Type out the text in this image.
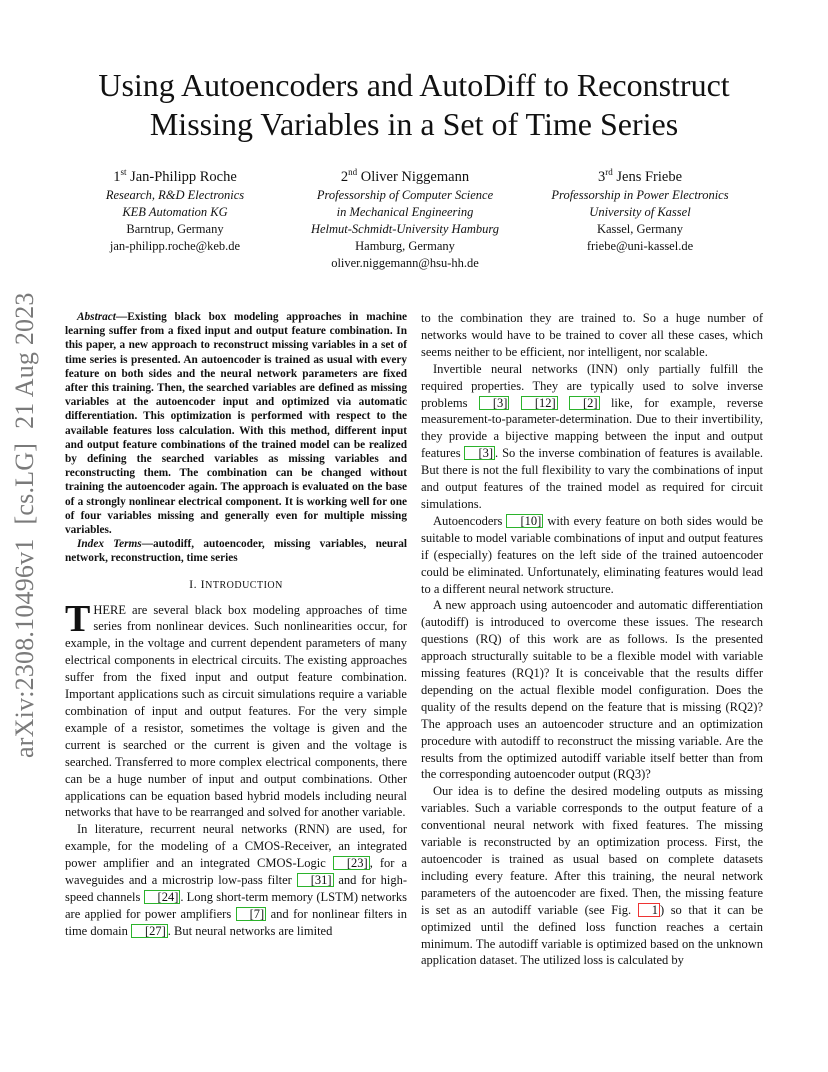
arXiv:2308.10496v1[cs.LG]21 Aug 2023
Using Autoencoders and AutoDiff to Reconstruct
Missing Variables in a Set of Time Series
1st Jan-Philipp Roche
Research, R&D Electronics
KEB Automation KG
Barntrup, Germany
jan-philipp.roche@keb.de
2nd Oliver Niggemann
Professorship of Computer Science
in Mechanical Engineering
Helmut-Schmidt-University Hamburg
Hamburg, Germany
oliver.niggemann@hsu-hh.de
3rd Jens Friebe
Professorship in Power Electronics
University of Kassel
Kassel, Germany
friebe@uni-kassel.de

Abstract—Existing black box modeling approaches in machine learning suffer from a fixed input and output feature combination. In this paper, a new approach to reconstruct missing variables in a set of time series is presented. An autoencoder is trained as usual with every feature on both sides and the neural network parameters are fixed after this training. Then, the searched variables are defined as missing variables at the autoencoder input and optimized via automatic differentiation. This optimization is performed with respect to the available features loss calculation. With this method, different input and output feature combinations of the trained model can be realized by defining the searched variables as missing variables and reconstructing them. The combination can be changed without training the autoencoder again. The approach is evaluated on the base of a strongly nonlinear electrical component. It is working well for one of four variables missing and generally even for multiple missing variables.

Index Terms—autodiff, autoencoder, missing variables, neural network, reconstruction, time series

I. INTRODUCTION

THERE are several black box modeling approaches of time series from nonlinear devices. Such nonlinearities occur, for example, in the voltage and current dependent parameters of many electrical components in electrical circuits. The existing approaches suffer from the fixed input and output feature combination. Important applications such as circuit simulations require a variable combination of input and output features. For the very simple example of a resistor, sometimes the voltage is given and the current is searched or the current is given and the voltage is searched. Transferred to more complex electrical components, there can be a huge number of input and output combinations. Other applications can be equation based hybrid models including neural networks that have to be rearranged and solved for another variable.

In literature, recurrent neural networks (RNN) are used, for example, for the modeling of a CMOS-Receiver, an integrated power amplifier and an integrated CMOS-Logic [23] , for a waveguides and a microstrip low-pass filter [31] and for high-speed channels [24] . Long short-term memory (LSTM) networks are applied for power amplifiers [7] and for nonlinear filters in time domain [27] . But neural networks are limited

to the combination they are trained to. So a huge number of networks would have to be trained to cover all these cases, which seems neither to be efficient, nor intelligent, nor scalable.

Invertible neural networks (INN) only partially fulfill the required properties. They are typically used to solve inverse problems [3] [12] [2] like, for example, reverse measurement-to-parameter-determination. Due to their invertibility, they provide a bijective mapping between the input and output features [3] . So the inverse combination of features is available. But there is not the full flexibility to vary the combinations of input and output features of the trained model as required for circuit simulations.

Autoencoders [10] with every feature on both sides would be suitable to model variable combinations of input and output features if (especially) features on the left side of the trained autoencoder could be eliminated. Unfortunately, eliminating features would lead to a different neural network structure.

A new approach using autoencoder and automatic differentiation (autodiff) is introduced to overcome these issues. The research questions (RQ) of this work are as follows. Is the presented approach structurally suitable to be a flexible model with variable missing features (RQ1)? It is conceivable that the results differ depending on the actual flexible model configuration. Does the quality of the results depend on the feature that is missing (RQ2)? The approach uses an autoencoder structure and an optimization procedure with autodiff to reconstruct the missing variable. Are the results from the optimized autodiff variable itself better than from the corresponding autoencoder output (RQ3)?

Our idea is to define the desired modeling outputs as missing variables. Such a variable corresponds to the output feature of a conventional neural network with fixed features. The missing variable is reconstructed by an optimization process. First, the autoencoder is trained as usual based on complete datasets including every feature. After this training, the neural network parameters of the autoencoder are fixed. Then, the missing feature is set as an autodiff variable (see Fig. 1 ) so that it can be optimized until the defined loss function reaches a certain minimum. The autodiff variable is optimized based on the unknown application dataset. The utilized loss is calculated by
